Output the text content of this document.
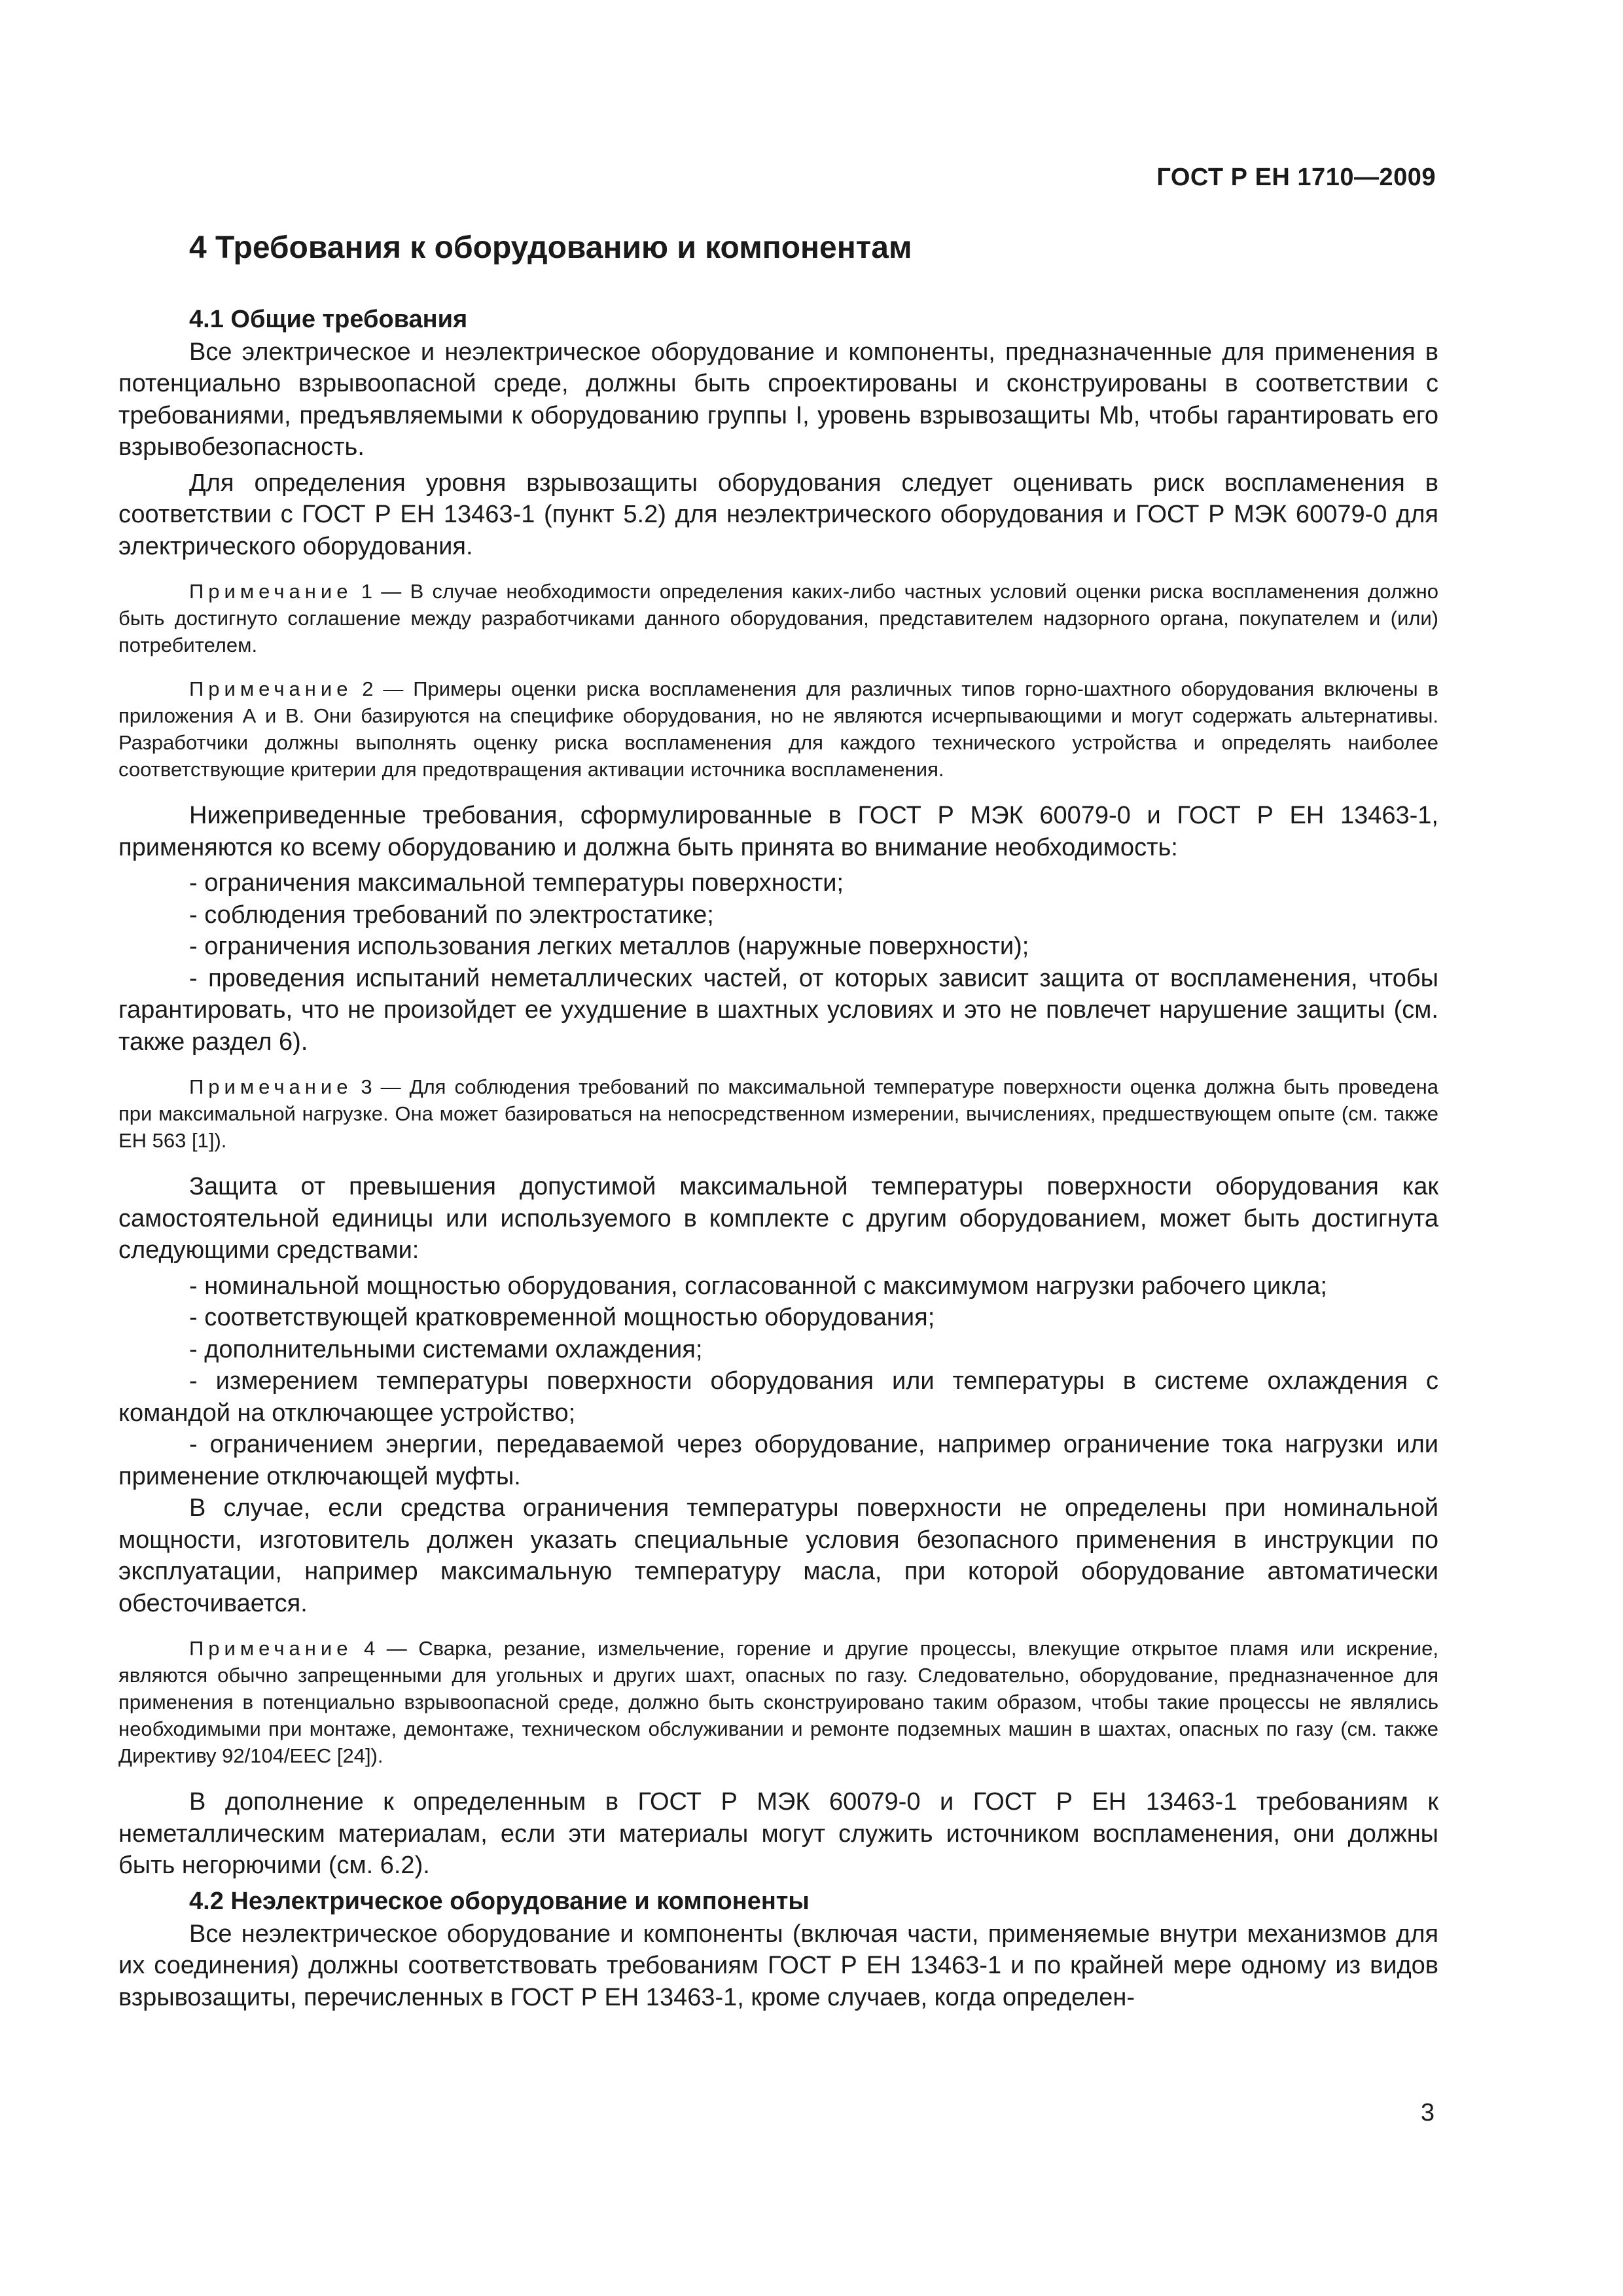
ГОСТ Р ЕН 1710—2009
4 Требования к оборудованию и компонентам
4.1 Общие требования

Все электрическое и неэлектрическое оборудование и компоненты, предназначенные для применения в потенциально взрывоопасной среде, должны быть спроектированы и сконструированы в соответствии с требованиями, предъявляемыми к оборудованию группы I, уровень взрывозащиты Mb, чтобы гарантировать его взрывобезопасность.

Для определения уровня взрывозащиты оборудования следует оценивать риск воспламенения в соответствии с ГОСТ Р ЕН 13463-1 (пункт 5.2) для неэлектрического оборудования и ГОСТ Р МЭК 60079-0 для электрического оборудования.

Примечание 1 — В случае необходимости определения каких-либо частных условий оценки риска воспламенения должно быть достигнуто соглашение между разработчиками данного оборудования, представителем надзорного органа, покупателем и (или) потребителем.

Примечание 2 — Примеры оценки риска воспламенения для различных типов горно-шахтного оборудования включены в приложения А и В. Они базируются на специфике оборудования, но не являются исчерпывающими и могут содержать альтернативы. Разработчики должны выполнять оценку риска воспламенения для каждого технического устройства и определять наиболее соответствующие критерии для предотвращения активации источника воспламенения.

Нижеприведенные требования, сформулированные в ГОСТ Р МЭК 60079-0 и ГОСТ Р ЕН 13463-1, применяются ко всему оборудованию и должна быть принята во внимание необходимость:

- ограничения максимальной температуры поверхности;

- соблюдения требований по электростатике;

- ограничения использования легких металлов (наружные поверхности);

- проведения испытаний неметаллических частей, от которых зависит защита от воспламенения, чтобы гарантировать, что не произойдет ее ухудшение в шахтных условиях и это не повлечет нарушение защиты (см. также раздел 6).

Примечание 3 — Для соблюдения требований по максимальной температуре поверхности оценка должна быть проведена при максимальной нагрузке. Она может базироваться на непосредственном измерении, вычислениях, предшествующем опыте (см. также ЕН 563 [1]).

Защита от превышения допустимой максимальной температуры поверхности оборудования как самостоятельной единицы или используемого в комплекте с другим оборудованием, может быть достигнута следующими средствами:

- номинальной мощностью оборудования, согласованной с максимумом нагрузки рабочего цикла;

- соответствующей кратковременной мощностью оборудования;

- дополнительными системами охлаждения;

- измерением температуры поверхности оборудования или температуры в системе охлаждения с командой на отключающее устройство;

- ограничением энергии, передаваемой через оборудование, например ограничение тока нагрузки или применение отключающей муфты.

В случае, если средства ограничения температуры поверхности не определены при номинальной мощности, изготовитель должен указать специальные условия безопасного применения в инструкции по эксплуатации, например максимальную температуру масла, при которой оборудование автоматически обесточивается.

Примечание 4 — Сварка, резание, измельчение, горение и другие процессы, влекущие открытое пламя или искрение, являются обычно запрещенными для угольных и других шахт, опасных по газу. Следовательно, оборудование, предназначенное для применения в потенциально взрывоопасной среде, должно быть сконструировано таким образом, чтобы такие процессы не являлись необходимыми при монтаже, демонтаже, техническом обслуживании и ремонте подземных машин в шахтах, опасных по газу (см. также Директиву 92/104/ЕЕС [24]).

В дополнение к определенным в ГОСТ Р МЭК 60079-0 и ГОСТ Р ЕН 13463-1 требованиям к неметаллическим материалам, если эти материалы могут служить источником воспламенения, они должны быть негорючими (см. 6.2).

4.2 Неэлектрическое оборудование и компоненты

Все неэлектрическое оборудование и компоненты (включая части, применяемые внутри механизмов для их соединения) должны соответствовать требованиям ГОСТ Р ЕН 13463-1 и по крайней мере одному из видов взрывозащиты, перечисленных в ГОСТ Р ЕН 13463-1, кроме случаев, когда определен-

3
